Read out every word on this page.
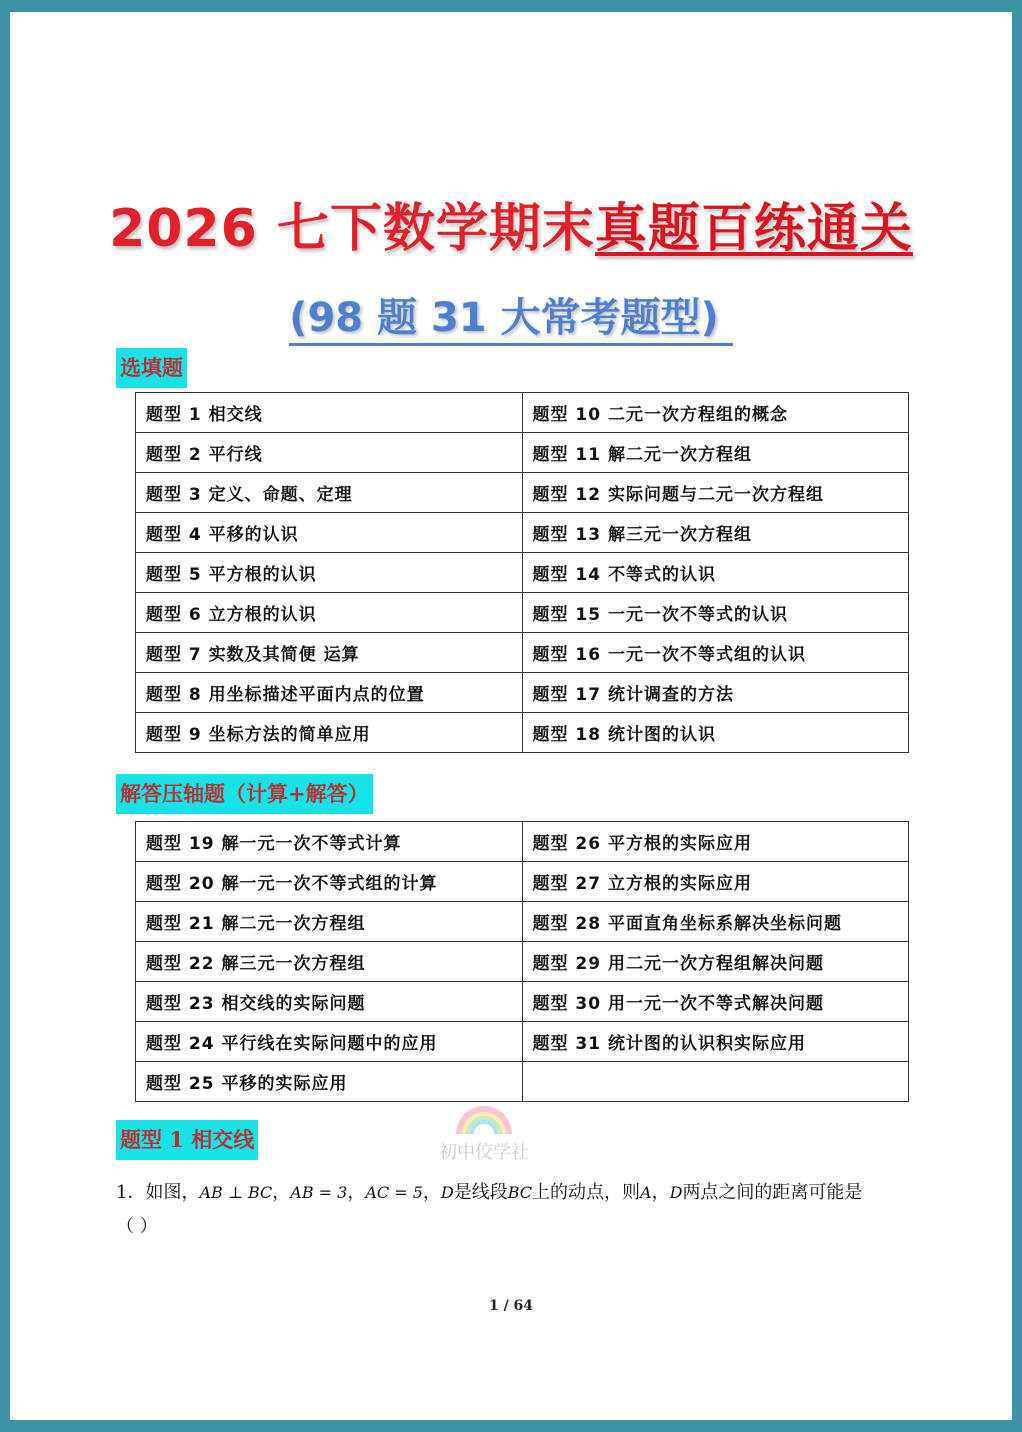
2026 七下数学期末真题百练通关
(98 题 31 大常考题型)
选填题
题型 1 相交线	题型 10 二元一次方程组的概念
题型 2 平行线	题型 11 解二元一次方程组
题型 3 定义、命题、定理	题型 12 实际问题与二元一次方程组
题型 4 平移的认识	题型 13 解三元一次方程组
题型 5 平方根的认识	题型 14 不等式的认识
题型 6 立方根的认识	题型 15 一元一次不等式的认识
题型 7 实数及其简便 运算	题型 16 一元一次不等式组的认识
题型 8 用坐标描述平面内点的位置	题型 17 统计调查的方法
题型 9 坐标方法的简单应用	题型 18 统计图的认识
解答压轴题（计算+解答）
题型 19 解一元一次不等式计算	题型 26 平方根的实际应用
题型 20 解一元一次不等式组的计算	题型 27 立方根的实际应用
题型 21 解二元一次方程组	题型 28 平面直角坐标系解决坐标问题
题型 22 解三元一次方程组	题型 29 用二元一次方程组解决问题
题型 23 相交线的实际问题	题型 30 用一元一次不等式解决问题
题型 24 平行线在实际问题中的应用	题型 31 统计图的认识积实际应用
题型 25 平移的实际应用	
题型 1 相交线
初中佼学社
1．如图，AB ⊥ BC，AB = 3，AC = 5，D是线段BC上的动点，则A，D两点之间的距离可能是
（ ）
1 / 64
